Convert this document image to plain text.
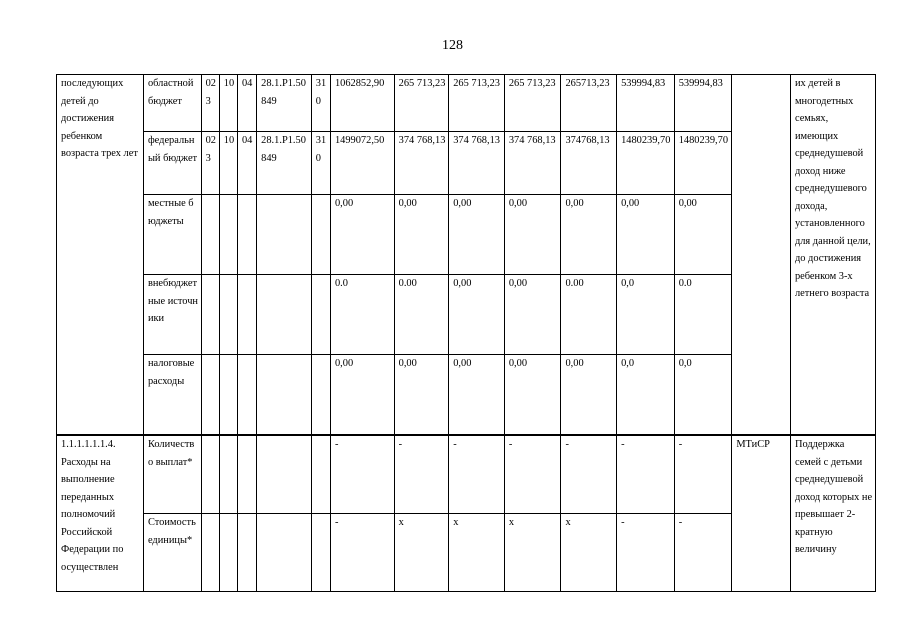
128
последующих детей до достижения ребенком возраста трех лет	областной бюджет	023	10	04	28.1.P1.50849	310	1062852,90	265 713,23	265 713,23	265 713,23	265713,23	539994,83	539994,83		их детей в многодетных семьях, имеющих среднедушевой доход ниже среднедушевого дохода, установленного для данной цели, до достижения ребенком 3-х летнего возраста
	федеральный бюджет	023	10	04	28.1.P1.50849	310	1499072,50	374 768,13	374 768,13	374 768,13	374768,13	1480239,70	1480239,70		
	местные бюджеты						0,00	0,00	0,00	0,00	0,00	0,00	0,00		
	внебюджетные источники						0.0	0.00	0,00	0,00	0.00	0,0	0.0		
	налоговые расходы						0,00	0,00	0,00	0,00	0,00	0,0	0,0		
1.1.1.1.1.1.4. Расходы на выполнение переданных полномочий Российской Федерации по осуществлен	Количество выплат*						-	-	-	-	-	-	-	МТиСР	Поддержка семей с детьми среднедушевой доход которых не превышает 2-кратную величину
	Стоимость единицы*						-	х	х	х	х	-	-		
